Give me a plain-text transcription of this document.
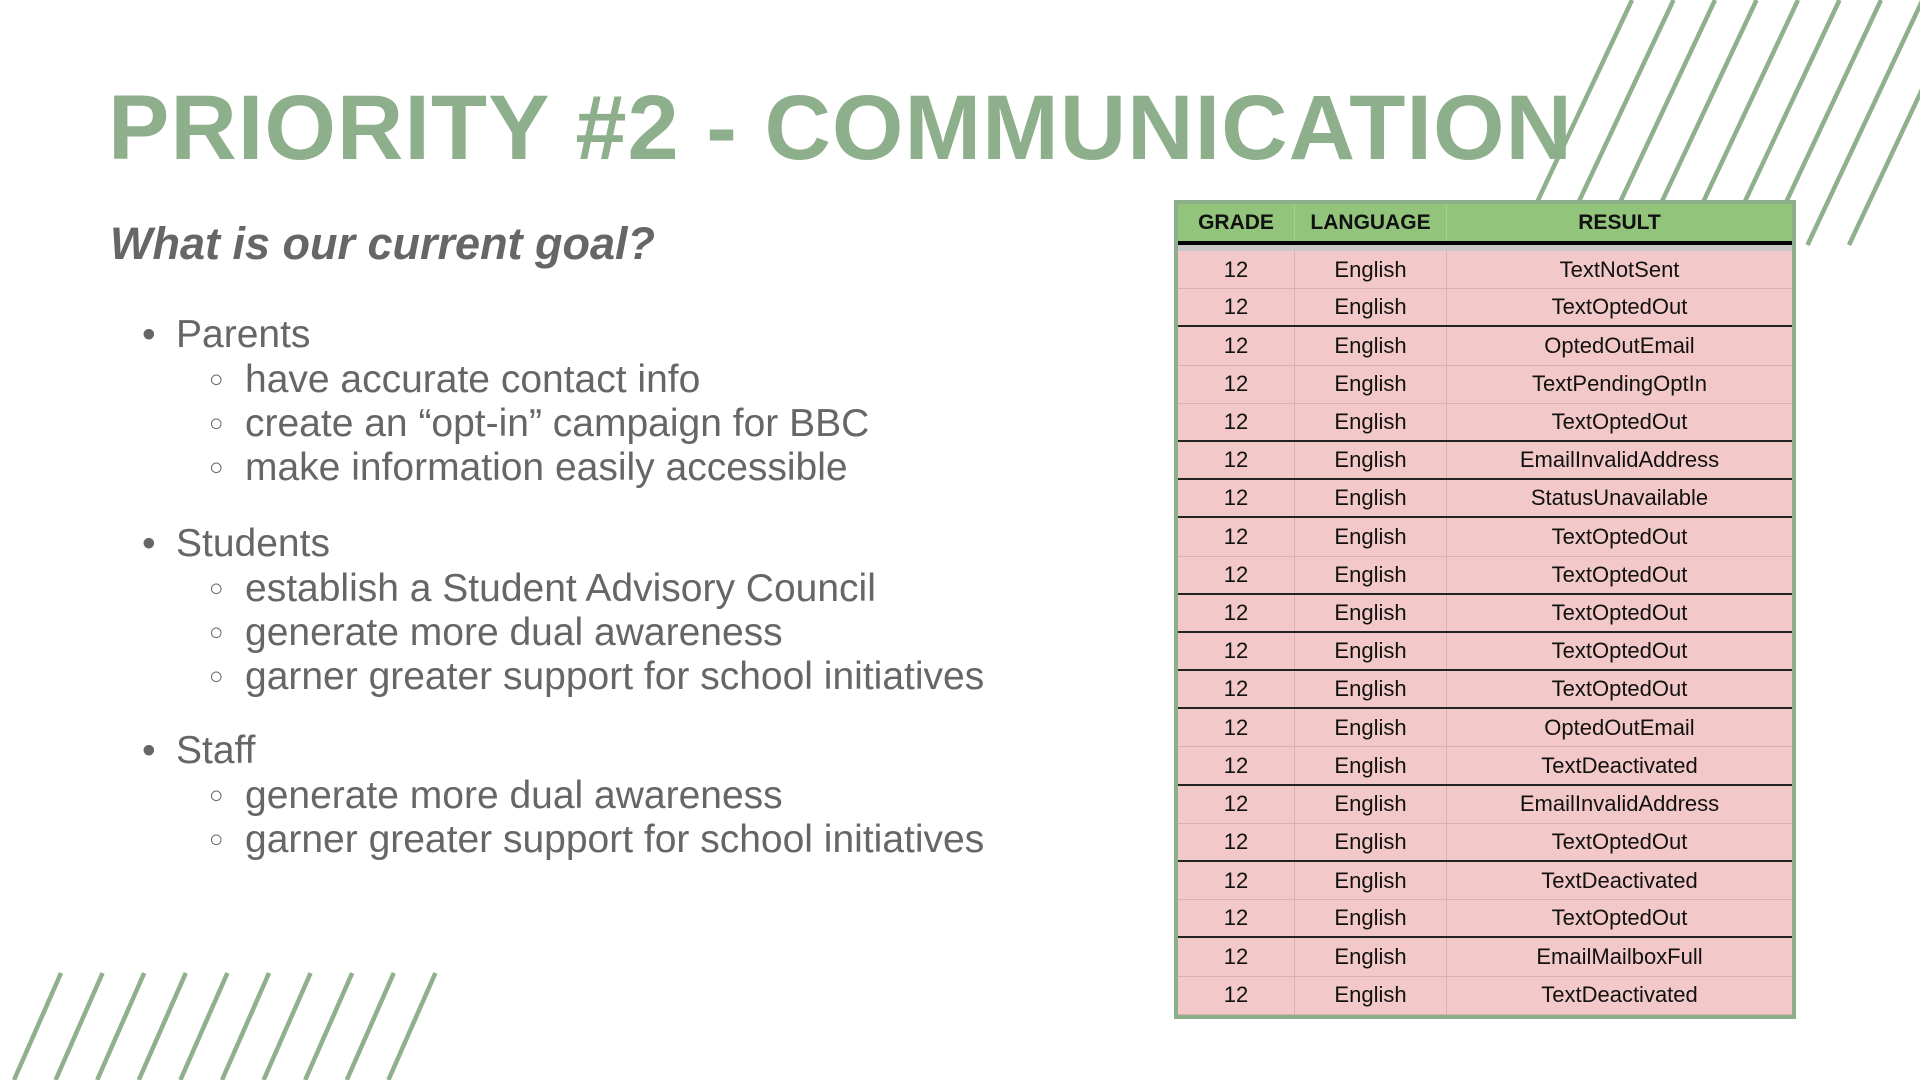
PRIORITY #2 - COMMUNICATION
What is our current goal?
• Parents
○ have accurate contact info
○ create an “opt-in” campaign for BBC
○ make information easily accessible
• Students
○ establish a Student Advisory Council
○ generate more dual awareness
○ garner greater support for school initiatives
• Staff
○ generate more dual awareness
○ garner greater support for school initiatives
GRADE	LANGUAGE	RESULT
12	English	TextNotSent
12	English	TextOptedOut
12	English	OptedOutEmail
12	English	TextPendingOptIn
12	English	TextOptedOut
12	English	EmailInvalidAddress
12	English	StatusUnavailable
12	English	TextOptedOut
12	English	TextOptedOut
12	English	TextOptedOut
12	English	TextOptedOut
12	English	TextOptedOut
12	English	OptedOutEmail
12	English	TextDeactivated
12	English	EmailInvalidAddress
12	English	TextOptedOut
12	English	TextDeactivated
12	English	TextOptedOut
12	English	EmailMailboxFull
12	English	TextDeactivated
